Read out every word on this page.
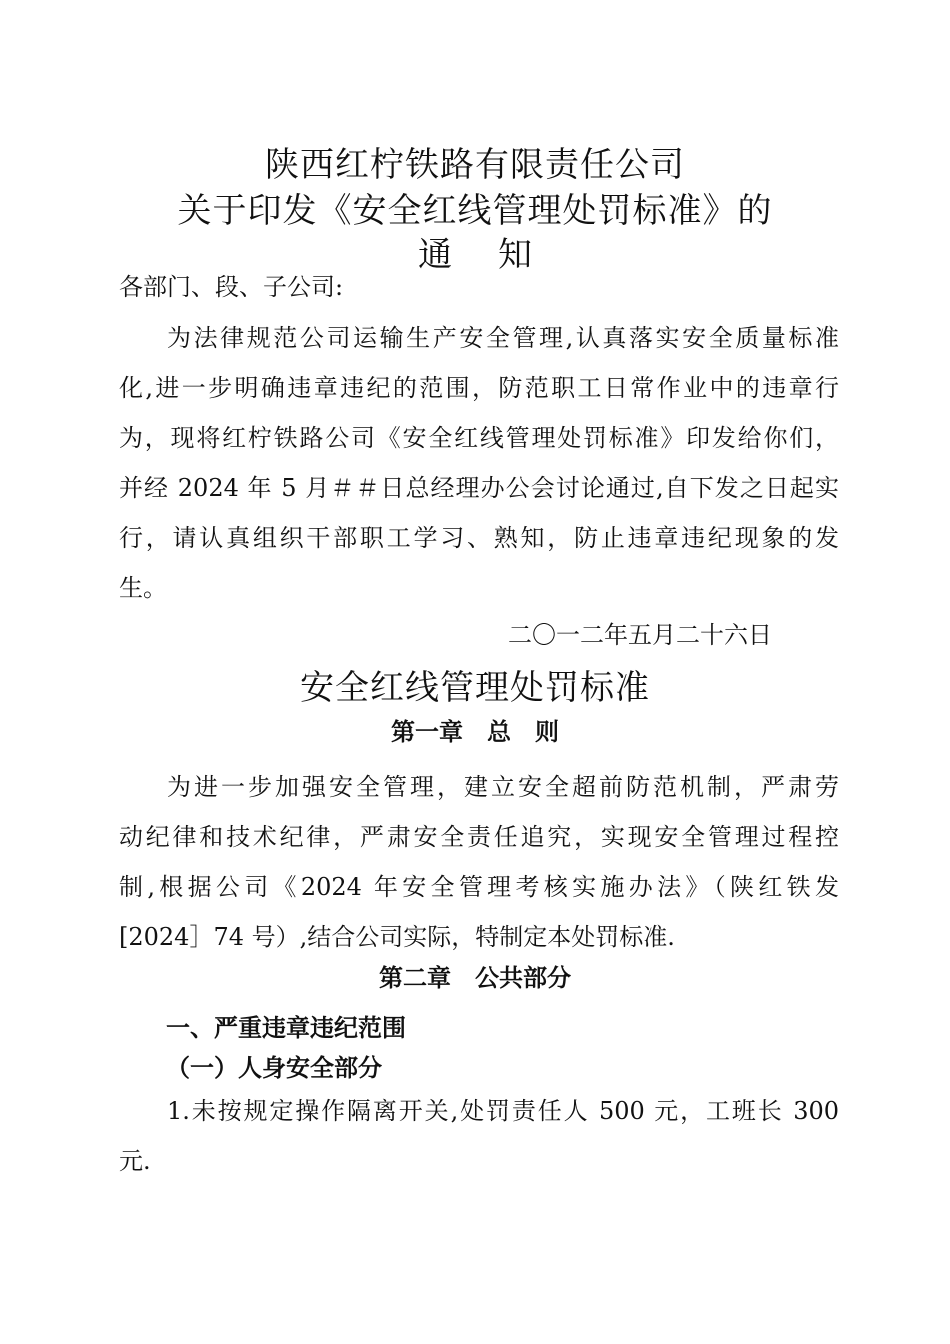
陕西红柠铁路有限责任公司
关于印发《安全红线管理处罚标准》的
通 知
各部门、段、子公司:
为法律规范公司运输生产安全管理,认真落实安全质量标准
化,进一步明确违章违纪的范围，防范职工日常作业中的违章行
为，现将红柠铁路公司《安全红线管理处罚标准》印发给你们，
并经 2024 年 5 月＃＃日总经理办公会讨论通过,自下发之日起实
行，请认真组织干部职工学习、熟知，防止违章违纪现象的发
生。
二〇一二年五月二十六日
安全红线管理处罚标准
第一章 总 则
为进一步加强安全管理，建立安全超前防范机制，严肃劳
动纪律和技术纪律，严肃安全责任追究，实现安全管理过程控
制,根据公司《2024 年安全管理考核实施办法》（陕红铁发
[2024］74 号）,结合公司实际，特制定本处罚标准.
第二章 公共部分
一、严重违章违纪范围
（一）人身安全部分
1.未按规定操作隔离开关,处罚责任人 500 元，工班长 300
元.
